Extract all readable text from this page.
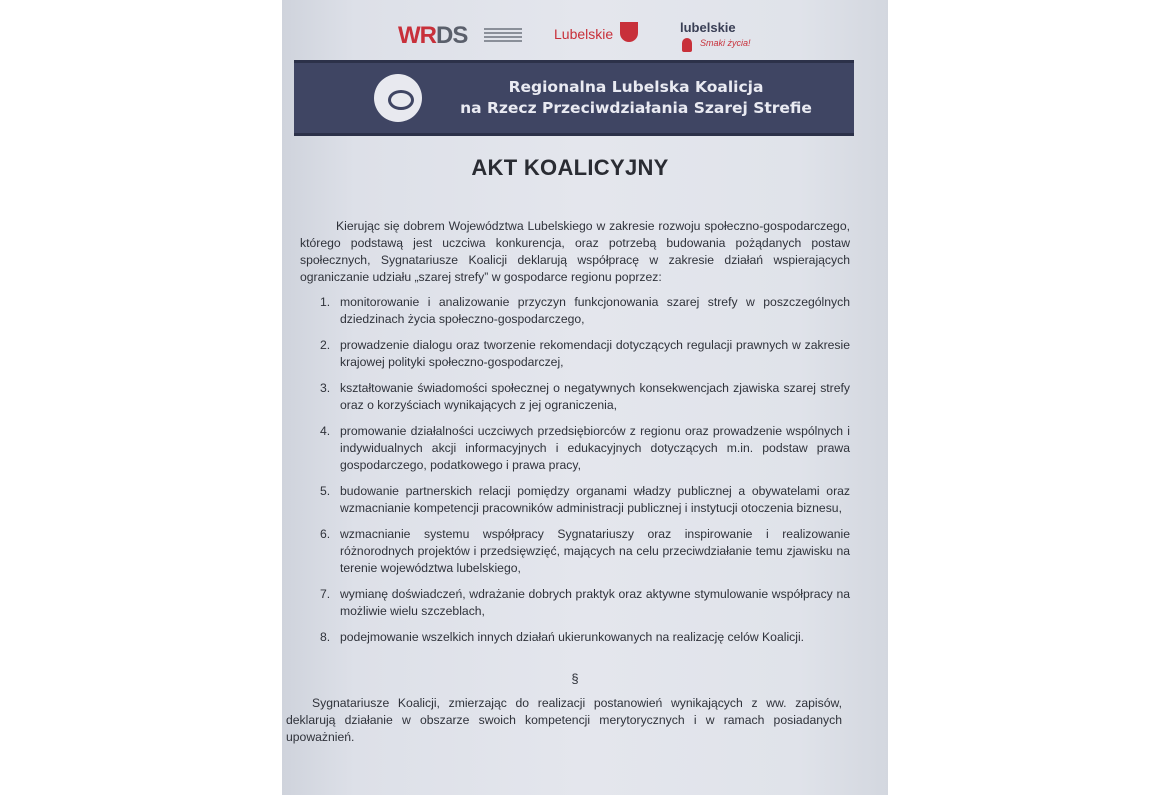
WRDS	Lubelskie	lubelskie
Smaki życia!
Regionalna Lubelska Koalicja
na Rzecz Przeciwdziałania Szarej Strefie
AKT KOALICYJNY

Kierując się dobrem Województwa Lubelskiego w zakresie rozwoju społeczno-gospodarczego, którego podstawą jest uczciwa konkurencja, oraz potrzebą budowania pożądanych postaw społecznych, Sygnatariusze Koalicji deklarują współpracę w zakresie działań wspierających ograniczanie udziału „szarej strefy” w gospodarce regionu poprzez:

1. monitorowanie i analizowanie przyczyn funkcjonowania szarej strefy w poszczególnych dziedzinach życia społeczno-gospodarczego,
2. prowadzenie dialogu oraz tworzenie rekomendacji dotyczących regulacji prawnych w zakresie krajowej polityki społeczno-gospodarczej,
3. kształtowanie świadomości społecznej o negatywnych konsekwencjach zjawiska szarej strefy oraz o korzyściach wynikających z jej ograniczenia,
4. promowanie działalności uczciwych przedsiębiorców z regionu oraz prowadzenie wspólnych i indywidualnych akcji informacyjnych i edukacyjnych dotyczących m.in. podstaw prawa gospodarczego, podatkowego i prawa pracy,
5. budowanie partnerskich relacji pomiędzy organami władzy publicznej a obywatelami oraz wzmacnianie kompetencji pracowników administracji publicznej i instytucji otoczenia biznesu,
6. wzmacnianie systemu współpracy Sygnatariuszy oraz inspirowanie i realizowanie różnorodnych projektów i przedsięwzięć, mających na celu przeciwdziałanie temu zjawisku na terenie województwa lubelskiego,
7. wymianę doświadczeń, wdrażanie dobrych praktyk oraz aktywne stymulowanie współpracy na możliwie wielu szczeblach,
8. podejmowanie wszelkich innych działań ukierunkowanych na realizację celów Koalicji.
§

Sygnatariusze Koalicji, zmierzając do realizacji postanowień wynikających z ww. zapisów, deklarują działanie w obszarze swoich kompetencji merytorycznych i w ramach posiadanych upoważnień.
